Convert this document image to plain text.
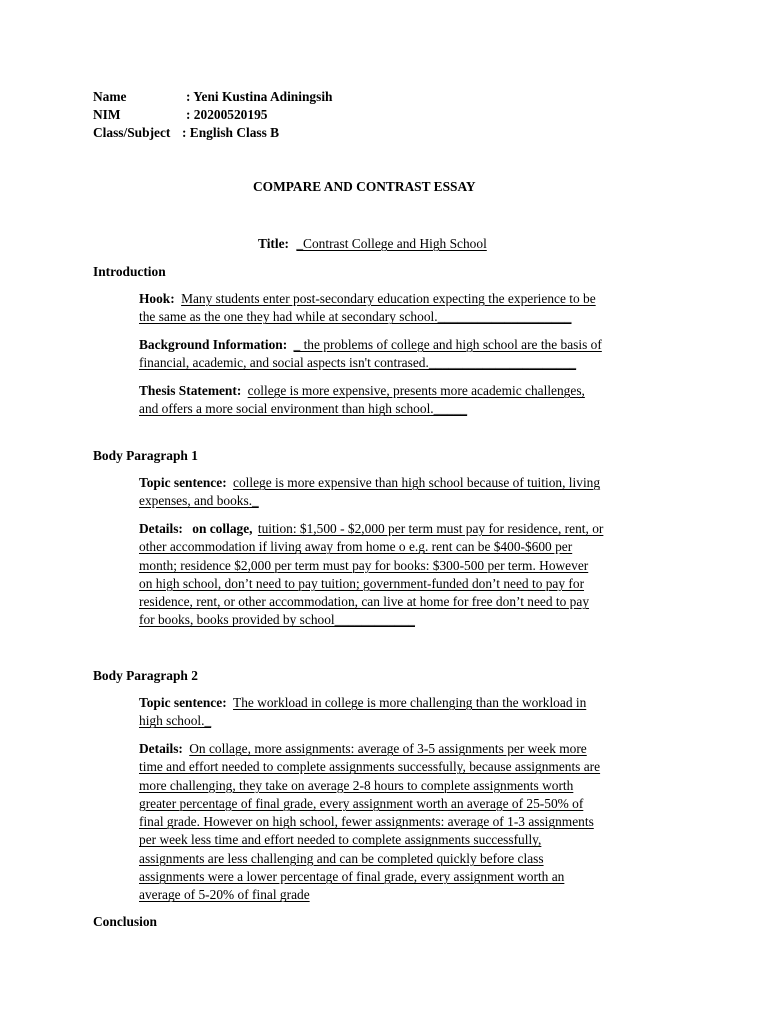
Name	: Yeni Kustina Adiningsih
NIM	: 20200520195
Class/Subject : English Class B
COMPARE AND CONTRAST ESSAY
Title: _Contrast College and High School
Introduction
Hook: Many students enter post-secondary education expecting the experience to be
the same as the one they had while at secondary school.____________________
Background Information: _ the problems of college and high school are the basis of
financial, academic, and social aspects isn't contrased.______________________
Thesis Statement: college is more expensive, presents more academic challenges,
and offers a more social environment than high school._____
Body Paragraph 1
Topic sentence: college is more expensive than high school because of tuition, living
expenses, and books._
Details: on collage, tuition: $1,500 - $2,000 per term must pay for residence, rent, or
other accommodation if living away from home o e.g. rent can be $400-$600 per
month; residence $2,000 per term must pay for books: $300-500 per term. However
on high school, don’t need to pay tuition; government-funded don’t need to pay for
residence, rent, or other accommodation, can live at home for free don’t need to pay
for books, books provided by school____________
Body Paragraph 2
Topic sentence: The workload in college is more challenging than the workload in
high school._
Details: On collage, more assignments: average of 3-5 assignments per week more
time and effort needed to complete assignments successfully, because assignments are
more challenging, they take on average 2-8 hours to complete assignments worth
greater percentage of final grade, every assignment worth an average of 25-50% of
final grade. However on high school, fewer assignments: average of 1-3 assignments
per week less time and effort needed to complete assignments successfully,
assignments are less challenging and can be completed quickly before class
assignments were a lower percentage of final grade, every assignment worth an
average of 5-20% of final grade
Conclusion
